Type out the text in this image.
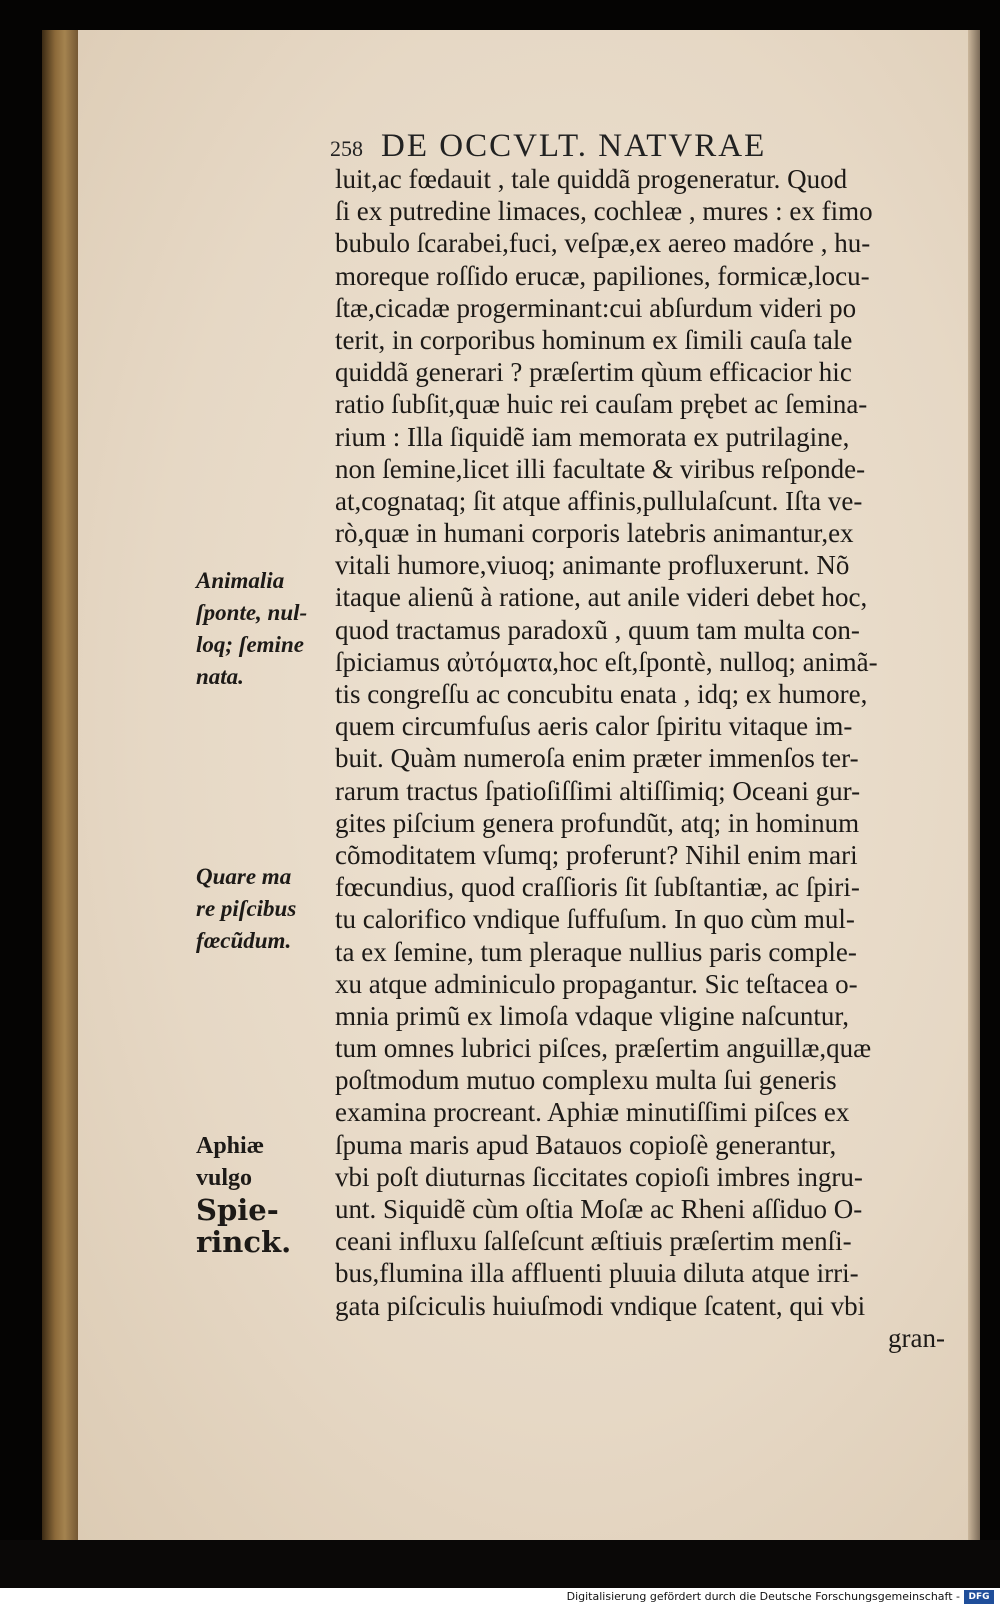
258 DE OCCVLT. NATVRAE
luit,ac fœdauit , tale quiddã progeneratur. Quod
ſi ex putredine limaces, cochleæ , mures : ex fimo
bubulo ſcarabei,fuci, veſpæ,ex aereo madóre , hu-
moreque roſſido erucæ, papiliones, formicæ,locu-
ſtæ,cicadæ progerminant:cui abſurdum videri po
terit, in corporibus hominum ex ſimili cauſa tale
quiddã generari ? præſertim qùum efficacior hic
ratio ſubſit,quæ huic rei cauſam prębet ac ſemina-
rium : Illa ſiquidẽ iam memorata ex putrilagine,
non ſemine,licet illi facultate & viribus reſponde-
at,cognataq; ſit atque affinis,pullulaſcunt. Iſta ve-
rò,quæ in humani corporis latebris animantur,ex
vitali humore,viuoq; animante profluxerunt. Nõ
itaque alienũ à ratione, aut anile videri debet hoc,
quod tractamus paradoxũ , quum tam multa con-
ſpiciamus αὐτόματα,hoc eſt,ſpontè, nulloq; animã-
tis congreſſu ac concubitu enata , idq; ex humore,
quem circumfuſus aeris calor ſpiritu vitaque im-
buit. Quàm numeroſa enim præter immenſos ter-
rarum tractus ſpatioſiſſimi altiſſimiq; Oceani gur-
gites piſcium genera profundũt, atq; in hominum
cõmoditatem vſumq; proferunt? Nihil enim mari
fœcundius, quod craſſioris ſit ſubſtantiæ, ac ſpiri-
tu calorifico vndique ſuffuſum. In quo cùm mul-
ta ex ſemine, tum pleraque nullius paris comple-
xu atque adminiculo propagantur. Sic teſtacea o-
mnia primũ ex limoſa vdaque vligine naſcuntur,
tum omnes lubrici piſces, præſertim anguillæ,quæ
poſtmodum mutuo complexu multa ſui generis
examina procreant. Aphiæ minutiſſimi piſces ex
ſpuma maris apud Batauos copioſè generantur,
vbi poſt diuturnas ſiccitates copioſi imbres ingru-
unt. Siquidẽ cùm oſtia Moſæ ac Rheni aſſiduo O-
ceani influxu ſalſeſcunt æſtiuis præſertim menſi-
bus,flumina illa affluenti pluuia diluta atque irri-
gata piſciculis huiuſmodi vndique ſcatent, qui vbi
gran-
Animalia
ſponte, nul-
loq; ſemine
nata.
Quare ma
re piſcibus
fœcũdum.
Aphiæ
vulgo
Spie-
rinck.
Digitalisierung gefördert durch die Deutsche Forschungsgemeinschaft - DFG
